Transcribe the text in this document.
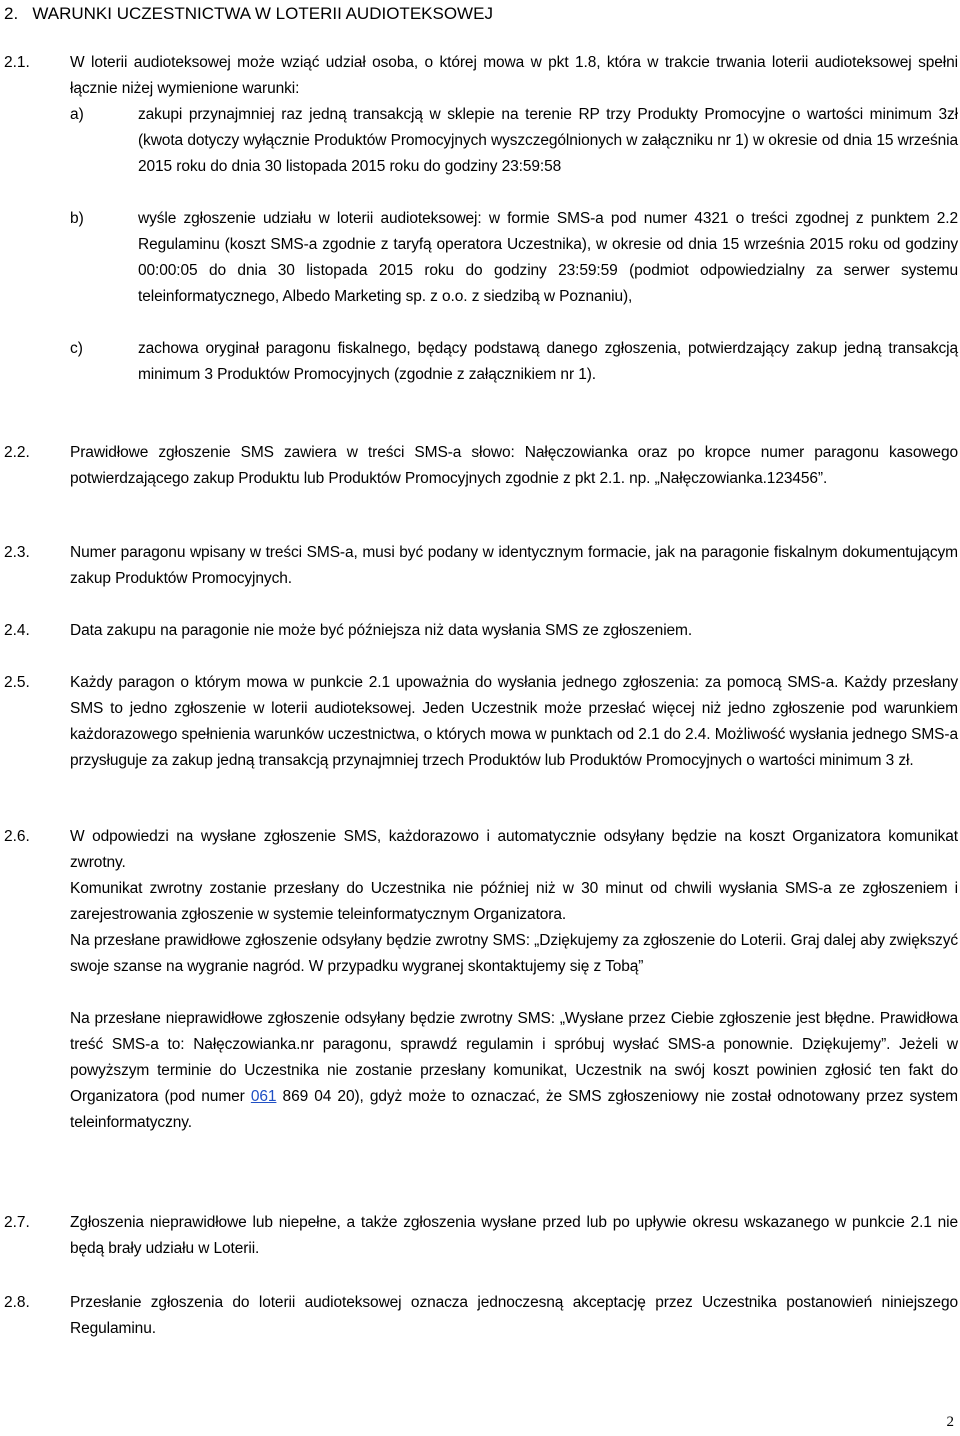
2.   WARUNKI UCZESTNICTWA W LOTERII AUDIOTEKSOWEJ
2.1.	W loterii audioteksowej może wziąć udział osoba, o której mowa w pkt 1.8, która w trakcie trwania loterii audioteksowej spełni łącznie niżej wymienione warunki:
a)	zakupi przynajmniej raz jedną transakcją w sklepie na terenie RP trzy Produkty Promocyjne o wartości minimum 3zł (kwota dotyczy wyłącznie Produktów Promocyjnych wyszczególnionych w załączniku nr 1) w okresie od dnia 15 września 2015 roku do dnia 30 listopada 2015 roku do godziny 23:59:58
b)	wyśle zgłoszenie udziału w loterii audioteksowej: w formie SMS-a pod numer 4321 o treści zgodnej z punktem 2.2 Regulaminu (koszt SMS-a zgodnie z taryfą operatora Uczestnika), w okresie od dnia 15 września 2015 roku od godziny 00:00:05 do dnia 30 listopada 2015 roku do godziny 23:59:59 (podmiot odpowiedzialny za serwer systemu teleinformatycznego, Albedo Marketing sp. z o.o. z siedzibą w Poznaniu),
c)	zachowa oryginał paragonu fiskalnego, będący podstawą danego zgłoszenia, potwierdzający zakup jedną transakcją minimum 3 Produktów Promocyjnych (zgodnie z załącznikiem nr 1).
2.2.	Prawidłowe zgłoszenie SMS zawiera w treści SMS-a słowo: Nałęczowianka oraz po kropce numer paragonu kasowego potwierdzającego zakup Produktu lub Produktów Promocyjnych zgodnie z pkt 2.1. np. „Nałęczowianka.123456”.
2.3.	Numer paragonu wpisany w treści SMS-a, musi być podany w identycznym formacie, jak na paragonie fiskalnym dokumentującym zakup Produktów Promocyjnych.
2.4.	Data zakupu na paragonie nie może być późniejsza niż data wysłania SMS ze zgłoszeniem.
2.5.	Każdy paragon o którym mowa w punkcie 2.1 upoważnia do wysłania jednego zgłoszenia: za pomocą SMS-a. Każdy przesłany SMS to jedno zgłoszenie w loterii audioteksowej. Jeden Uczestnik może przesłać więcej niż jedno zgłoszenie pod warunkiem każdorazowego spełnienia warunków uczestnictwa, o których mowa w punktach od 2.1 do 2.4. Możliwość wysłania jednego SMS-a przysługuje za zakup jedną transakcją przynajmniej trzech Produktów lub Produktów Promocyjnych o wartości minimum 3 zł.
2.6.	W odpowiedzi na wysłane zgłoszenie SMS, każdorazowo i automatycznie odsyłany będzie na koszt Organizatora komunikat zwrotny.

Komunikat zwrotny zostanie przesłany do Uczestnika nie później niż w 30 minut od chwili wysłania SMS-a ze zgłoszeniem i zarejestrowania zgłoszenie w systemie teleinformatycznym Organizatora.

Na przesłane prawidłowe zgłoszenie odsyłany będzie zwrotny SMS: „Dziękujemy za zgłoszenie do Loterii. Graj dalej aby zwiększyć swoje szanse na wygranie nagród. W przypadku wygranej skontaktujemy się z Tobą”

Na przesłane nieprawidłowe zgłoszenie odsyłany będzie zwrotny SMS: „Wysłane przez Ciebie zgłoszenie jest błędne. Prawidłowa treść SMS-a to: Nałęczowianka.nr paragonu, sprawdź regulamin i spróbuj wysłać SMS-a ponownie. Dziękujemy”. Jeżeli w powyższym terminie do Uczestnika nie zostanie przesłany komunikat, Uczestnik na swój koszt powinien zgłosić ten fakt do Organizatora (pod numer 061 869 04 20), gdyż może to oznaczać, że SMS zgłoszeniowy nie został odnotowany przez system teleinformatyczny.

2.7.	Zgłoszenia nieprawidłowe lub niepełne, a także zgłoszenia wysłane przed lub po upływie okresu wskazanego w punkcie 2.1 nie będą brały udziału w Loterii.
2.8.	Przesłanie zgłoszenia do loterii audioteksowej oznacza jednoczesną akceptację przez Uczestnika postanowień niniejszego Regulaminu.
2
